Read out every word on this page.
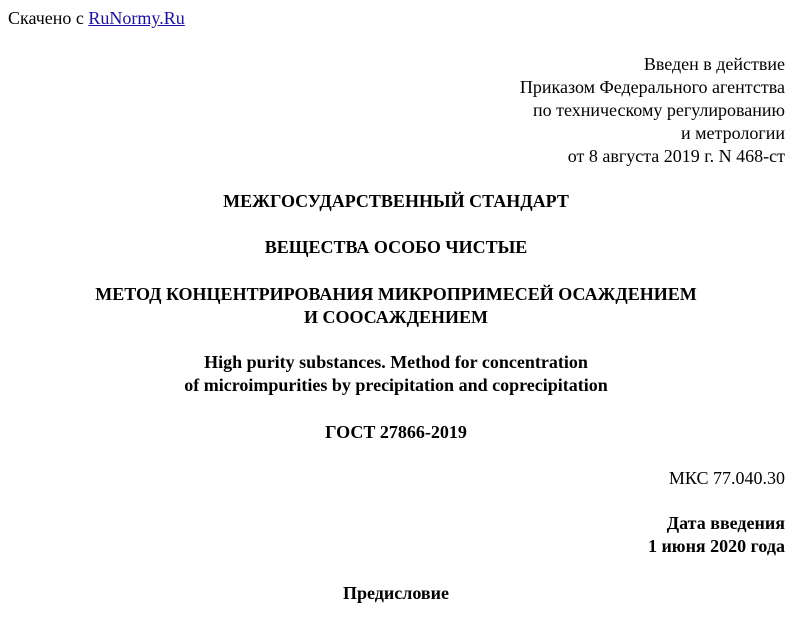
Скачено с RuNormy.Ru
Введен в действие
Приказом Федерального агентства
по техническому регулированию
и метрологии
от 8 августа 2019 г. N 468-ст
МЕЖГОСУДАРСТВЕННЫЙ СТАНДАРТ
ВЕЩЕСТВА ОСОБО ЧИСТЫЕ
МЕТОД КОНЦЕНТРИРОВАНИЯ МИКРОПРИМЕСЕЙ ОСАЖДЕНИЕМ
И СООСАЖДЕНИЕМ
High purity substances. Method for concentration
of microimpurities by precipitation and coprecipitation
ГОСТ 27866-2019
МКС 77.040.30
Дата введения
1 июня 2020 года
Предисловие
